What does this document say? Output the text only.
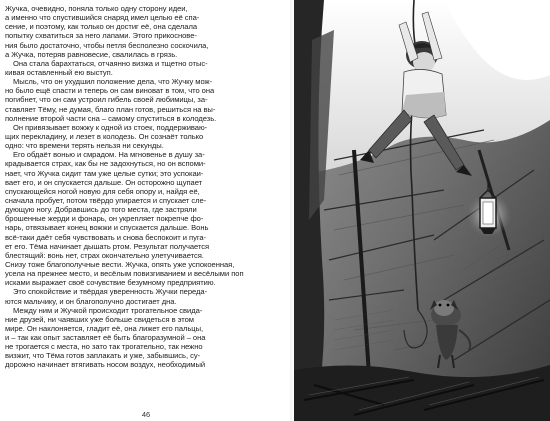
Жучка, очевидно, поняла только одну сторону идеи,
а именно что спустившийся снаряд имел целью её спа-
сение, и поэтому, как только он достиг её, она сделала
попытку схватиться за него лапами. Этого прикоснове-
ния было достаточно, чтобы петля бесполезно соскочила,
а Жучка, потеряв равновесие, свалилась в грязь.
Она стала барахтаться, отчаянно визжа и тщетно отыс-
кивая оставленный ею выступ.
Мысль, что он ухудшил положение дела, что Жучку мож-
но было ещё спасти и теперь он сам виноват в том, что она
погибнет, что он сам устроил гибель своей любимицы, за-
ставляет Тёму, не думая, благо план готов, решиться на вы-
полнение второй части сна – самому спуститься в колодезь.
Он привязывает вожжу к одной из стоек, поддерживаю-
щих перекладину, и лезет в колодезь. Он сознаёт только
одно: что времени терять нельзя ни секунды.
Его обдаёт вонью и смрадом. На мгновенье в душу за-
крадывается страх, как бы не задохнуться, но он вспоми-
нает, что Жучка сидит там уже целые сутки; это успокаи-
вает его, и он спускается дальше. Он осторожно щупает
спускающейся ногой новую для себя опору и, найдя её,
сначала пробует, потом твёрдо упирается и спускает сле-
дующую ногу. Добравшись до того места, где застряли
брошенные жерди и фонарь, он укрепляет покрепче фо-
нарь, отвязывает конец вожжи и спускается дальше. Вонь
всё-таки даёт себя чувствовать и снова беспокоит и пуга-
ет его. Тёма начинает дышать ртом. Результат получается
блестящий: вонь нет, страх окончательно улетучивается.
Снизу тоже благополучные вести. Жучка, опять уже успокоенная,
усела на прежнее место, и весёлым повизгиванием и весёлыми поп
исками выражает своё сочувствие безумному предприятию.
Это спокойствие и твёрдая уверенность Жучки переда-
ются мальчику, и он благополучно достигает дна.
Между ним и Жучкой происходит трогательное свида-
ние друзей, ни чаявших уже больше свидеться в этом
мире. Он наклоняется, гладит её, она лижет его пальцы,
и – так как опыт заставляет её быть благоразумной – она
не трогается с места, но зато так трогательно, так нежно
визжит, что Тёма готов заплакать и уже, забывшись, су-
дорожно начинает втягивать носом воздух, необходимый
46
